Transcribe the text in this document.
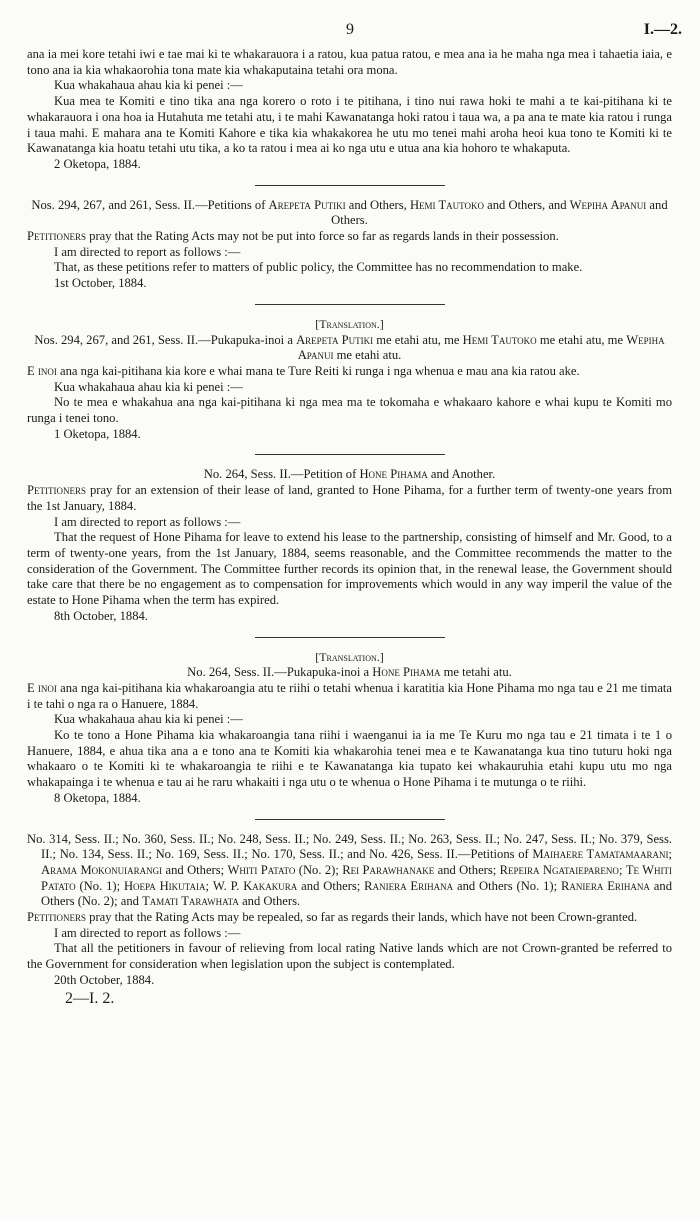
9	I.—2.

ana ia mei kore tetahi iwi e tae mai ki te whakarauora i a ratou, kua patua ratou, e mea ana ia he maha nga mea i tahaetia iaia, e tono ana ia kia whakaorohia tona mate kia whakaputaina tetahi ora mona.

Kua whakahaua ahau kia ki penei :—

Kua mea te Komiti e tino tika ana nga korero o roto i te pitihana, i tino nui rawa hoki te mahi a te kai-pitihana ki te whakarauora i ona hoa ia Hutahuta me tetahi atu, i te mahi Kawanatanga hoki ratou i taua wa, a pa ana te mate kia ratou i runga i taua mahi. E mahara ana te Komiti Kahore e tika kia whakakorea he utu mo tenei mahi aroha heoi kua tono te Komiti ki te Kawanatanga kia hoatu tetahi utu tika, a ko ta ratou i mea ai ko nga utu e utua ana kia hohoro te whakaputa.

2 Oketopa, 1884.

Nos. 294, 267, and 261, Sess. II.—Petitions of Arepeta Putiki and Others, Hemi Tautoko and Others, and Wepiha Apanui and Others.

Petitioners pray that the Rating Acts may not be put into force so far as regards lands in their possession.

I am directed to report as follows :—

That, as these petitions refer to matters of public policy, the Committee has no recommendation to make.

1st October, 1884.

[Translation.]

Nos. 294, 267, and 261, Sess. II.—Pukapuka-inoi a Arepeta Putiki me etahi atu, me Hemi Tautoko me etahi atu, me Wepiha Apanui me etahi atu.

E inoi ana nga kai-pitihana kia kore e whai mana te Ture Reiti ki runga i nga whenua e mau ana kia ratou ake.

Kua whakahaua ahau kia ki penei :—

No te mea e whakahua ana nga kai-pitihana ki nga mea ma te tokomaha e whakaaro kahore e whai kupu te Komiti mo runga i tenei tono.

1 Oketopa, 1884.

No. 264, Sess. II.—Petition of Hone Pihama and Another.

Petitioners pray for an extension of their lease of land, granted to Hone Pihama, for a further term of twenty-one years from the 1st January, 1884.

I am directed to report as follows :—

That the request of Hone Pihama for leave to extend his lease to the partnership, consisting of himself and Mr. Good, to a term of twenty-one years, from the 1st January, 1884, seems reasonable, and the Committee recommends the matter to the consideration of the Government. The Committee further records its opinion that, in the renewal lease, the Government should take care that there be no engagement as to compensation for improvements which would in any way imperil the value of the estate to Hone Pihama when the term has expired.

8th October, 1884.

[Translation.]

No. 264, Sess. II.—Pukapuka-inoi a Hone Pihama me tetahi atu.

E inoi ana nga kai-pitihana kia whakaroangia atu te riihi o tetahi whenua i karatitia kia Hone Pihama mo nga tau e 21 me timata i te tahi o nga ra o Hanuere, 1884.

Kua whakahaua ahau kia ki penei :—

Ko te tono a Hone Pihama kia whakaroangia tana riihi i waenganui ia ia me Te Kuru mo nga tau e 21 timata i te 1 o Hanuere, 1884, e ahua tika ana a e tono ana te Komiti kia whakarohia tenei mea e te Kawanatanga kua tino tuturu hoki nga whakaaro o te Komiti ki te whakaroangia te riihi e te Kawanatanga kia tupato kei whakauruhia etahi kupu utu mo nga whakapainga i te whenua e tau ai he raru whakaiti i nga utu o te whenua o Hone Pihama i te mutunga o te riihi.

8 Oketopa, 1884.

No. 314, Sess. II.; No. 360, Sess. II.; No. 248, Sess. II.; No. 249, Sess. II.; No. 263, Sess. II.; No. 247, Sess. II.; No. 379, Sess. II.; No. 134, Sess. II.; No. 169, Sess. II.; No. 170, Sess. II.; and No. 426, Sess. II.—Petitions of Maihaere Tamatamaarani; Arama Mokonuiarangi and Others; Whiti Patato (No. 2); Rei Parawhanake and Others; Repeira Ngataiepareno; Te Whiti Patato (No. 1); Hoepa Hikutaia; W. P. Kakakura and Others; Raniera Erihana and Others (No. 1); Raniera Erihana and Others (No. 2); and Tamati Tarawhata and Others.

Petitioners pray that the Rating Acts may be repealed, so far as regards their lands, which have not been Crown-granted.

I am directed to report as follows :—

That all the petitioners in favour of relieving from local rating Native lands which are not Crown-granted be referred to the Government for consideration when legislation upon the subject is contemplated.

20th October, 1884.

2—I. 2.
